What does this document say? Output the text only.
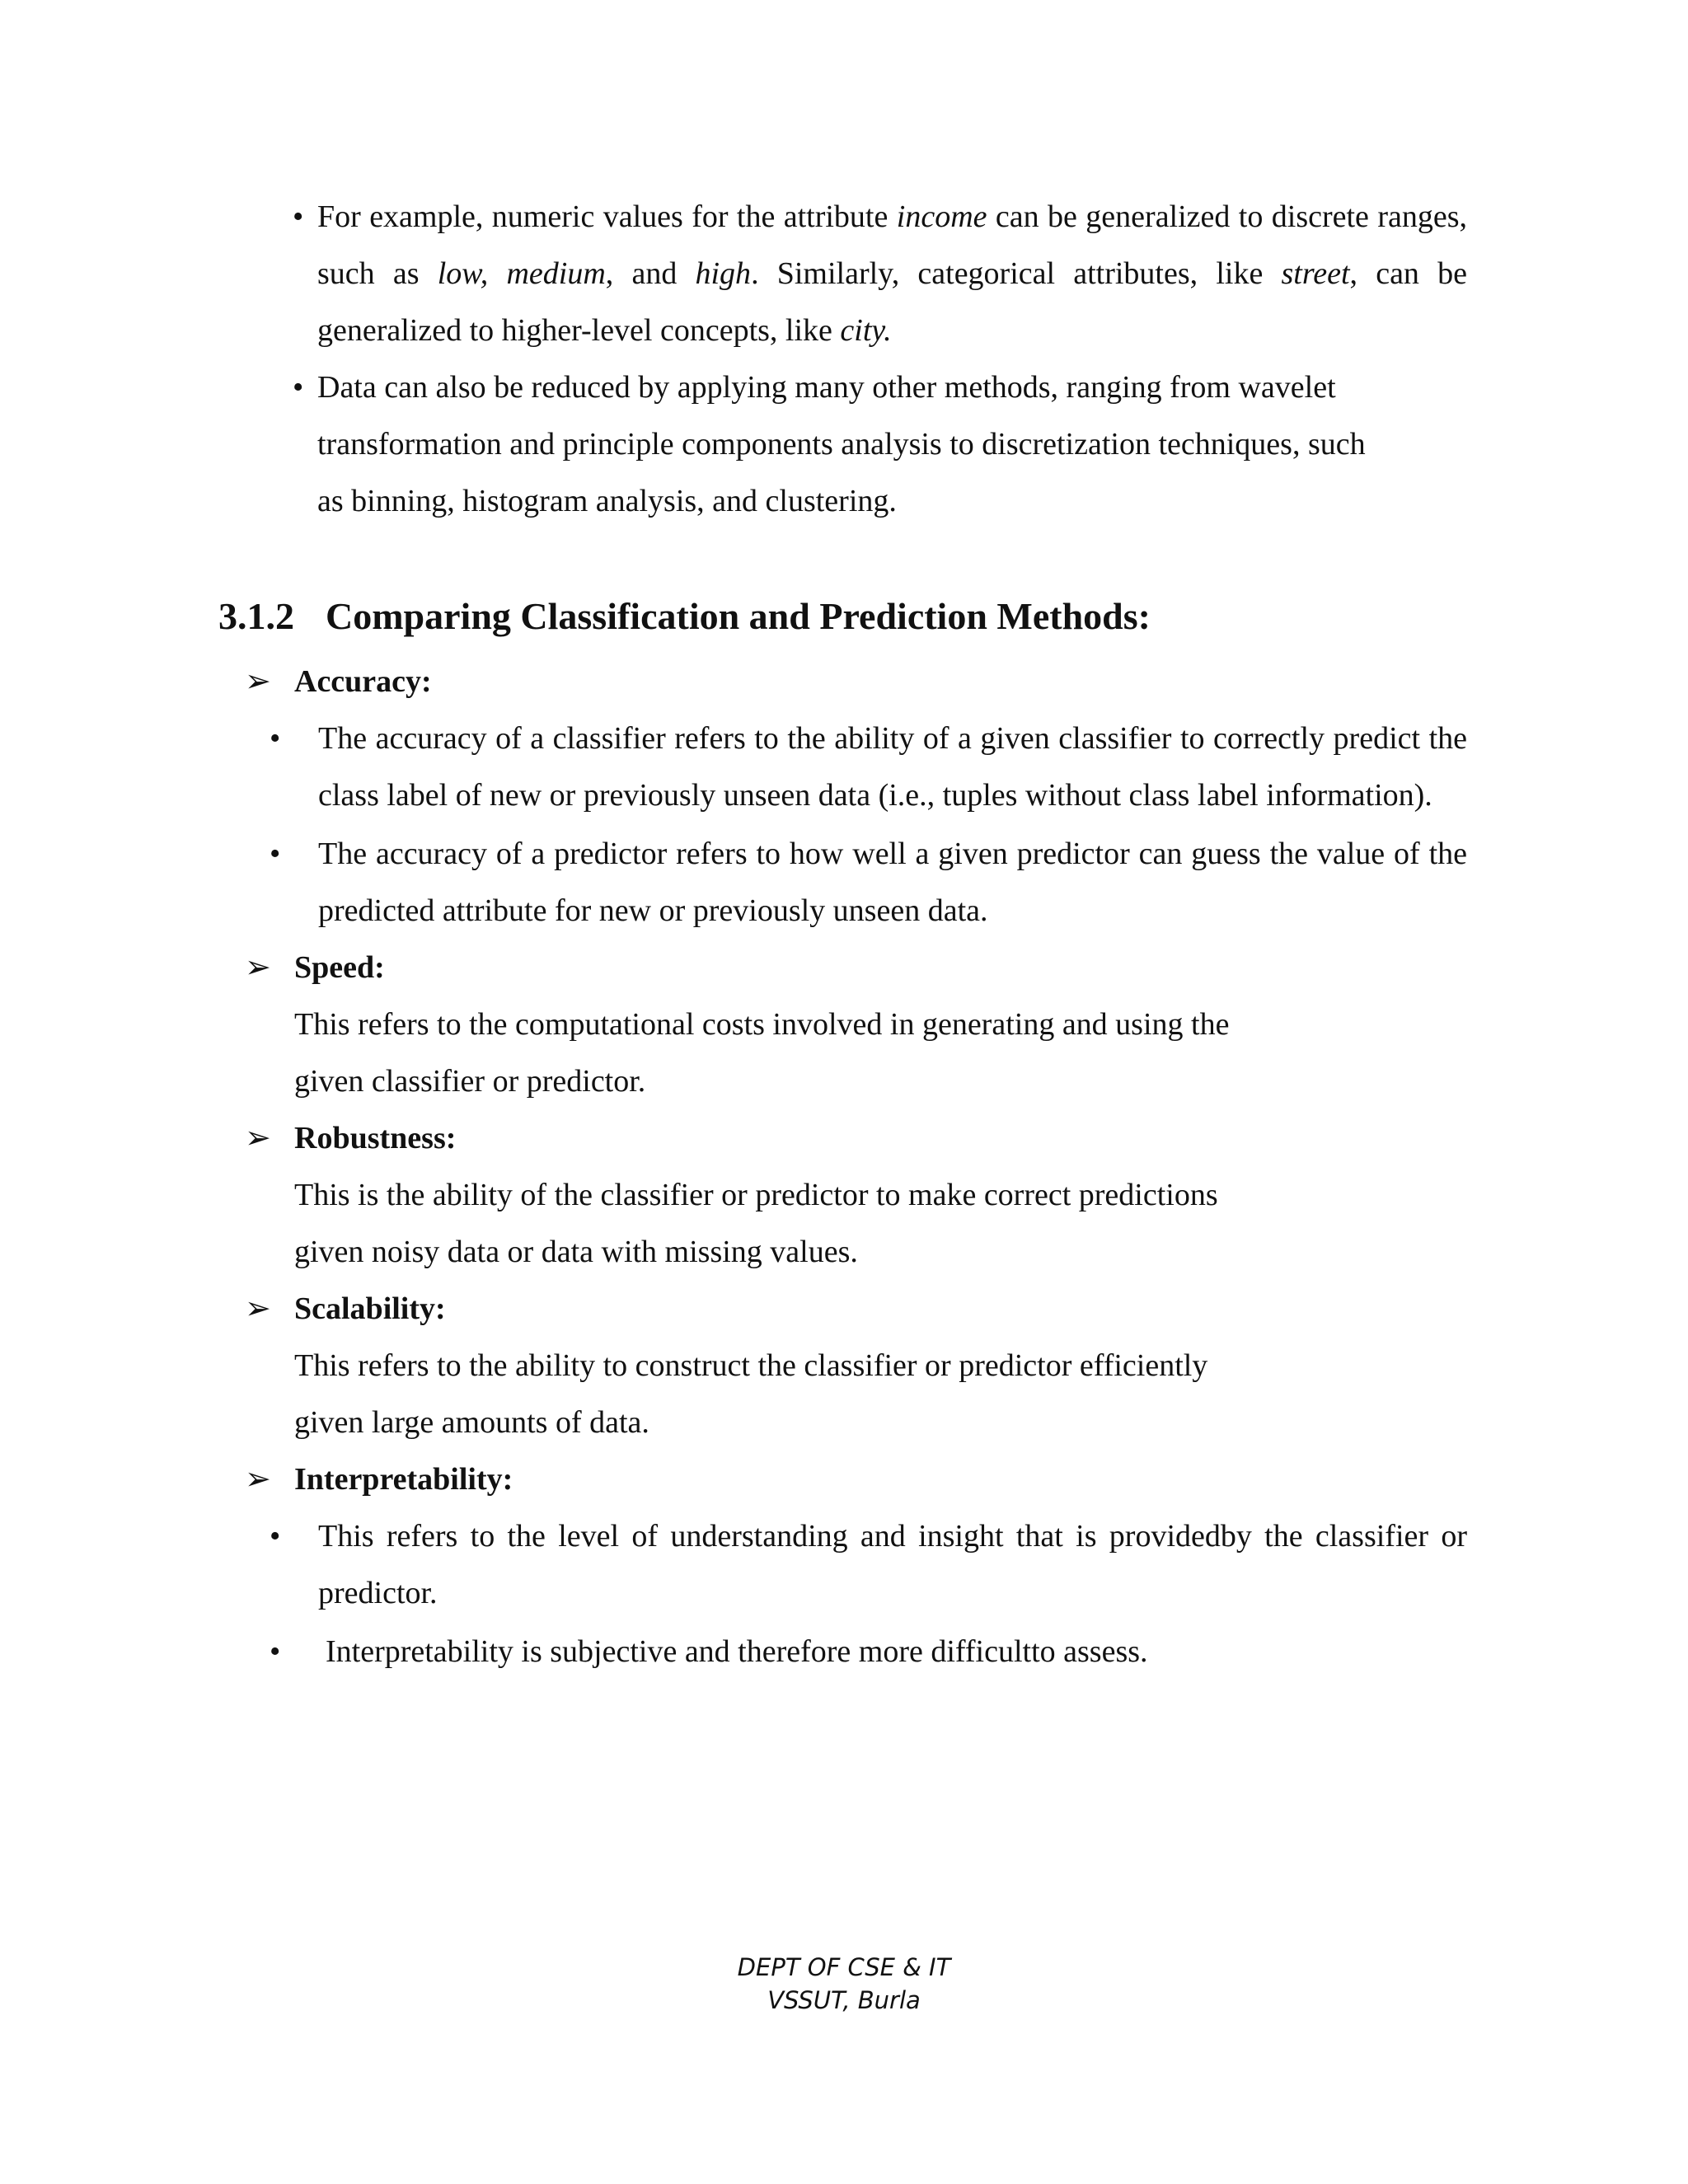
• For example, numeric values for the attribute income can be generalized to discrete ranges, such as low, medium, and high. Similarly, categorical attributes, like street, can be generalized to higher-level concepts, like city.
• Data can also be reduced by applying many other methods, ranging from wavelet
transformation and principle components analysis to discretization techniques, such
as binning, histogram analysis, and clustering.
3.1.2 Comparing Classification and Prediction Methods:
➢ Accuracy:
• The accuracy of a classifier refers to the ability of a given classifier to correctly predict the class label of new or previously unseen data (i.e., tuples without class label information).
• The accuracy of a predictor refers to how well a given predictor can guess the value of the predicted attribute for new or previously unseen data.
➢ Speed:
This refers to the computational costs involved in generating and using the
given classifier or predictor.
➢ Robustness:
This is the ability of the classifier or predictor to make correct predictions
given noisy data or data with missing values.
➢ Scalability:
This refers to the ability to construct the classifier or predictor efficiently
given large amounts of data.
➢ Interpretability:
• This refers to the level of understanding and insight that is providedby the classifier or predictor.
• Interpretability is subjective and therefore more difficultto assess.
DEPT OF CSE & IT
VSSUT, Burla
